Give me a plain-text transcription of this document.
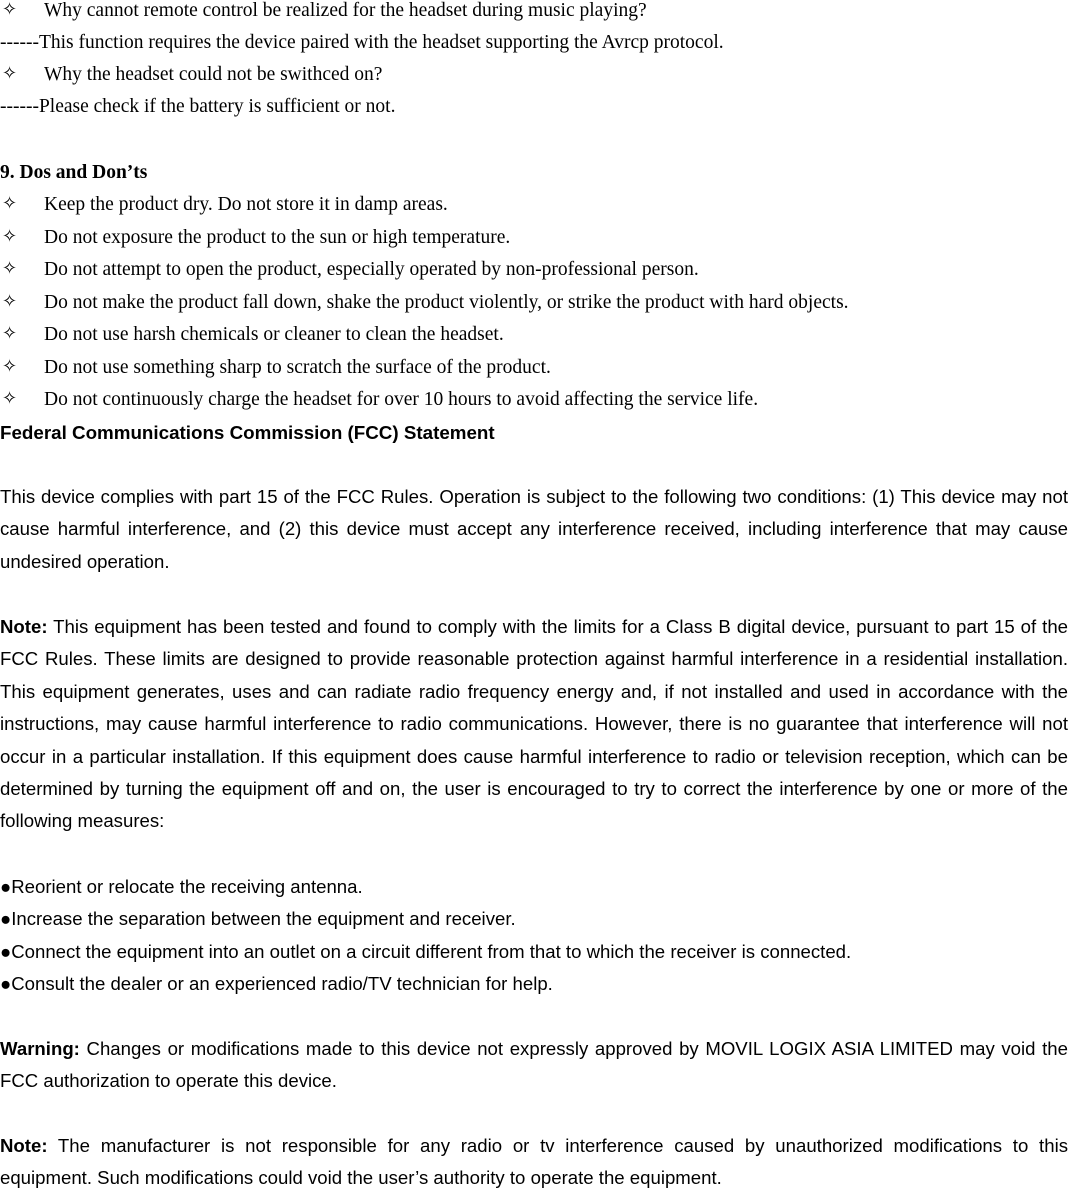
✧ Why cannot remote control be realized for the headset during music playing?
------This function requires the device paired with the headset supporting the Avrcp protocol.
✧ Why the headset could not be swithced on?
------Please check if the battery is sufficient or not.
9. Dos and Don’ts
✧ Keep the product dry. Do not store it in damp areas.
✧ Do not exposure the product to the sun or high temperature.
✧ Do not attempt to open the product, especially operated by non-professional person.
✧ Do not make the product fall down, shake the product violently, or strike the product with hard objects.
✧ Do not use harsh chemicals or cleaner to clean the headset.
✧ Do not use something sharp to scratch the surface of the product.
✧ Do not continuously charge the headset for over 10 hours to avoid affecting the service life.
Federal Communications Commission (FCC) Statement
This device complies with part 15 of the FCC Rules. Operation is subject to the following two conditions: (1) This device may not cause harmful interference, and (2) this device must accept any interference received, including interference that may cause undesired operation.
Note: This equipment has been tested and found to comply with the limits for a Class B digital device, pursuant to part 15 of the FCC Rules. These limits are designed to provide reasonable protection against harmful interference in a residential installation. This equipment generates, uses and can radiate radio frequency energy and, if not installed and used in accordance with the instructions, may cause harmful interference to radio communications. However, there is no guarantee that interference will not occur in a particular installation. If this equipment does cause harmful interference to radio or television reception, which can be determined by turning the equipment off and on, the user is encouraged to try to correct the interference by one or more of the following measures:
●Reorient or relocate the receiving antenna.
●Increase the separation between the equipment and receiver.
●Connect the equipment into an outlet on a circuit different from that to which the receiver is connected.
●Consult the dealer or an experienced radio/TV technician for help.
Warning: Changes or modifications made to this device not expressly approved by MOVIL LOGIX ASIA LIMITED may void the FCC authorization to operate this device.
Note: The manufacturer is not responsible for any radio or tv interference caused by unauthorized modifications to this equipment. Such modifications could void the user’s authority to operate the equipment.
